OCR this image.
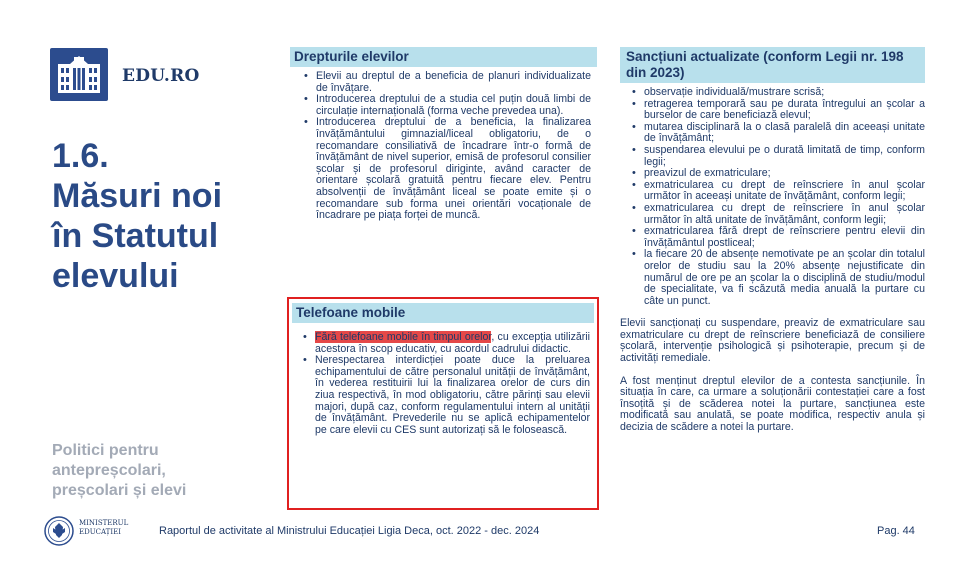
EDU.RO
1.6.
Măsuri noi
în Statutul
elevului
Politici pentru
antepreșcolari,
preșcolari și elevi
Drepturile elevilor
• Elevii au dreptul de a beneficia de planuri individualizate de învățare.
• Introducerea dreptului de a studia cel puțin două limbi de circulație internațională (forma veche prevedea una).
• Introducerea dreptului de a beneficia, la finalizarea învățământului gimnazial/liceal obligatoriu, de o recomandare consiliativă de încadrare într-o formă de învățământ de nivel superior, emisă de profesorul consilier școlar și de profesorul diriginte, având caracter de orientare școlară gratuită pentru fiecare elev. Pentru absolvenții de învățământ liceal se poate emite și o recomandare sub forma unei orientări vocaționale de încadrare pe piața forței de muncă.
Telefoane mobile
• Fără telefoane mobile în timpul orelor, cu excepția utilizării acestora în scop educativ, cu acordul cadrului didactic.
• Nerespectarea interdicției poate duce la preluarea echipamentului de către personalul unității de învățământ, în vederea restituirii lui la finalizarea orelor de curs din ziua respectivă, în mod obligatoriu, către părinți sau elevii majori, după caz, conform regulamentului intern al unității de învățământ. Prevederile nu se aplică echipamentelor pe care elevii cu CES sunt autorizați să le folosească.
Sancțiuni actualizate (conform Legii nr. 198 din 2023)
• observație individuală/mustrare scrisă;
• retragerea temporară sau pe durata întregului an școlar a burselor de care beneficiază elevul;
• mutarea disciplinară la o clasă paralelă din aceeași unitate de învățământ;
• suspendarea elevului pe o durată limitată de timp, conform legii;
• preavizul de exmatriculare;
• exmatricularea cu drept de reînscriere în anul școlar următor în aceeași unitate de învățământ, conform legii;
• exmatricularea cu drept de reînscriere în anul școlar următor în altă unitate de învățământ, conform legii;
• exmatricularea fără drept de reînscriere pentru elevii din învățământul postliceal;
• la fiecare 20 de absențe nemotivate pe an școlar din totalul orelor de studiu sau la 20% absențe nejustificate din numărul de ore pe an școlar la o disciplină de studiu/modul de specialitate, va fi scăzută media anuală la purtare cu câte un punct.

Elevii sancționați cu suspendare, preaviz de exmatriculare sau exmatriculare cu drept de reînscriere beneficiază de consiliere școlară, intervenție psihologică și psihoterapie, precum și de activități remediale.

A fost menținut dreptul elevilor de a contesta sancțiunile. În situația în care, ca urmare a soluționării contestației care a fost însoțită și de scăderea notei la purtare, sancțiunea este modificată sau anulată, se poate modifica, respectiv anula și decizia de scădere a notei la purtare.

MINISTERUL
EDUCAȚIEI	Raportul de activitate al Ministrului Educației Ligia Deca, oct. 2022 - dec. 2024	Pag. 44
